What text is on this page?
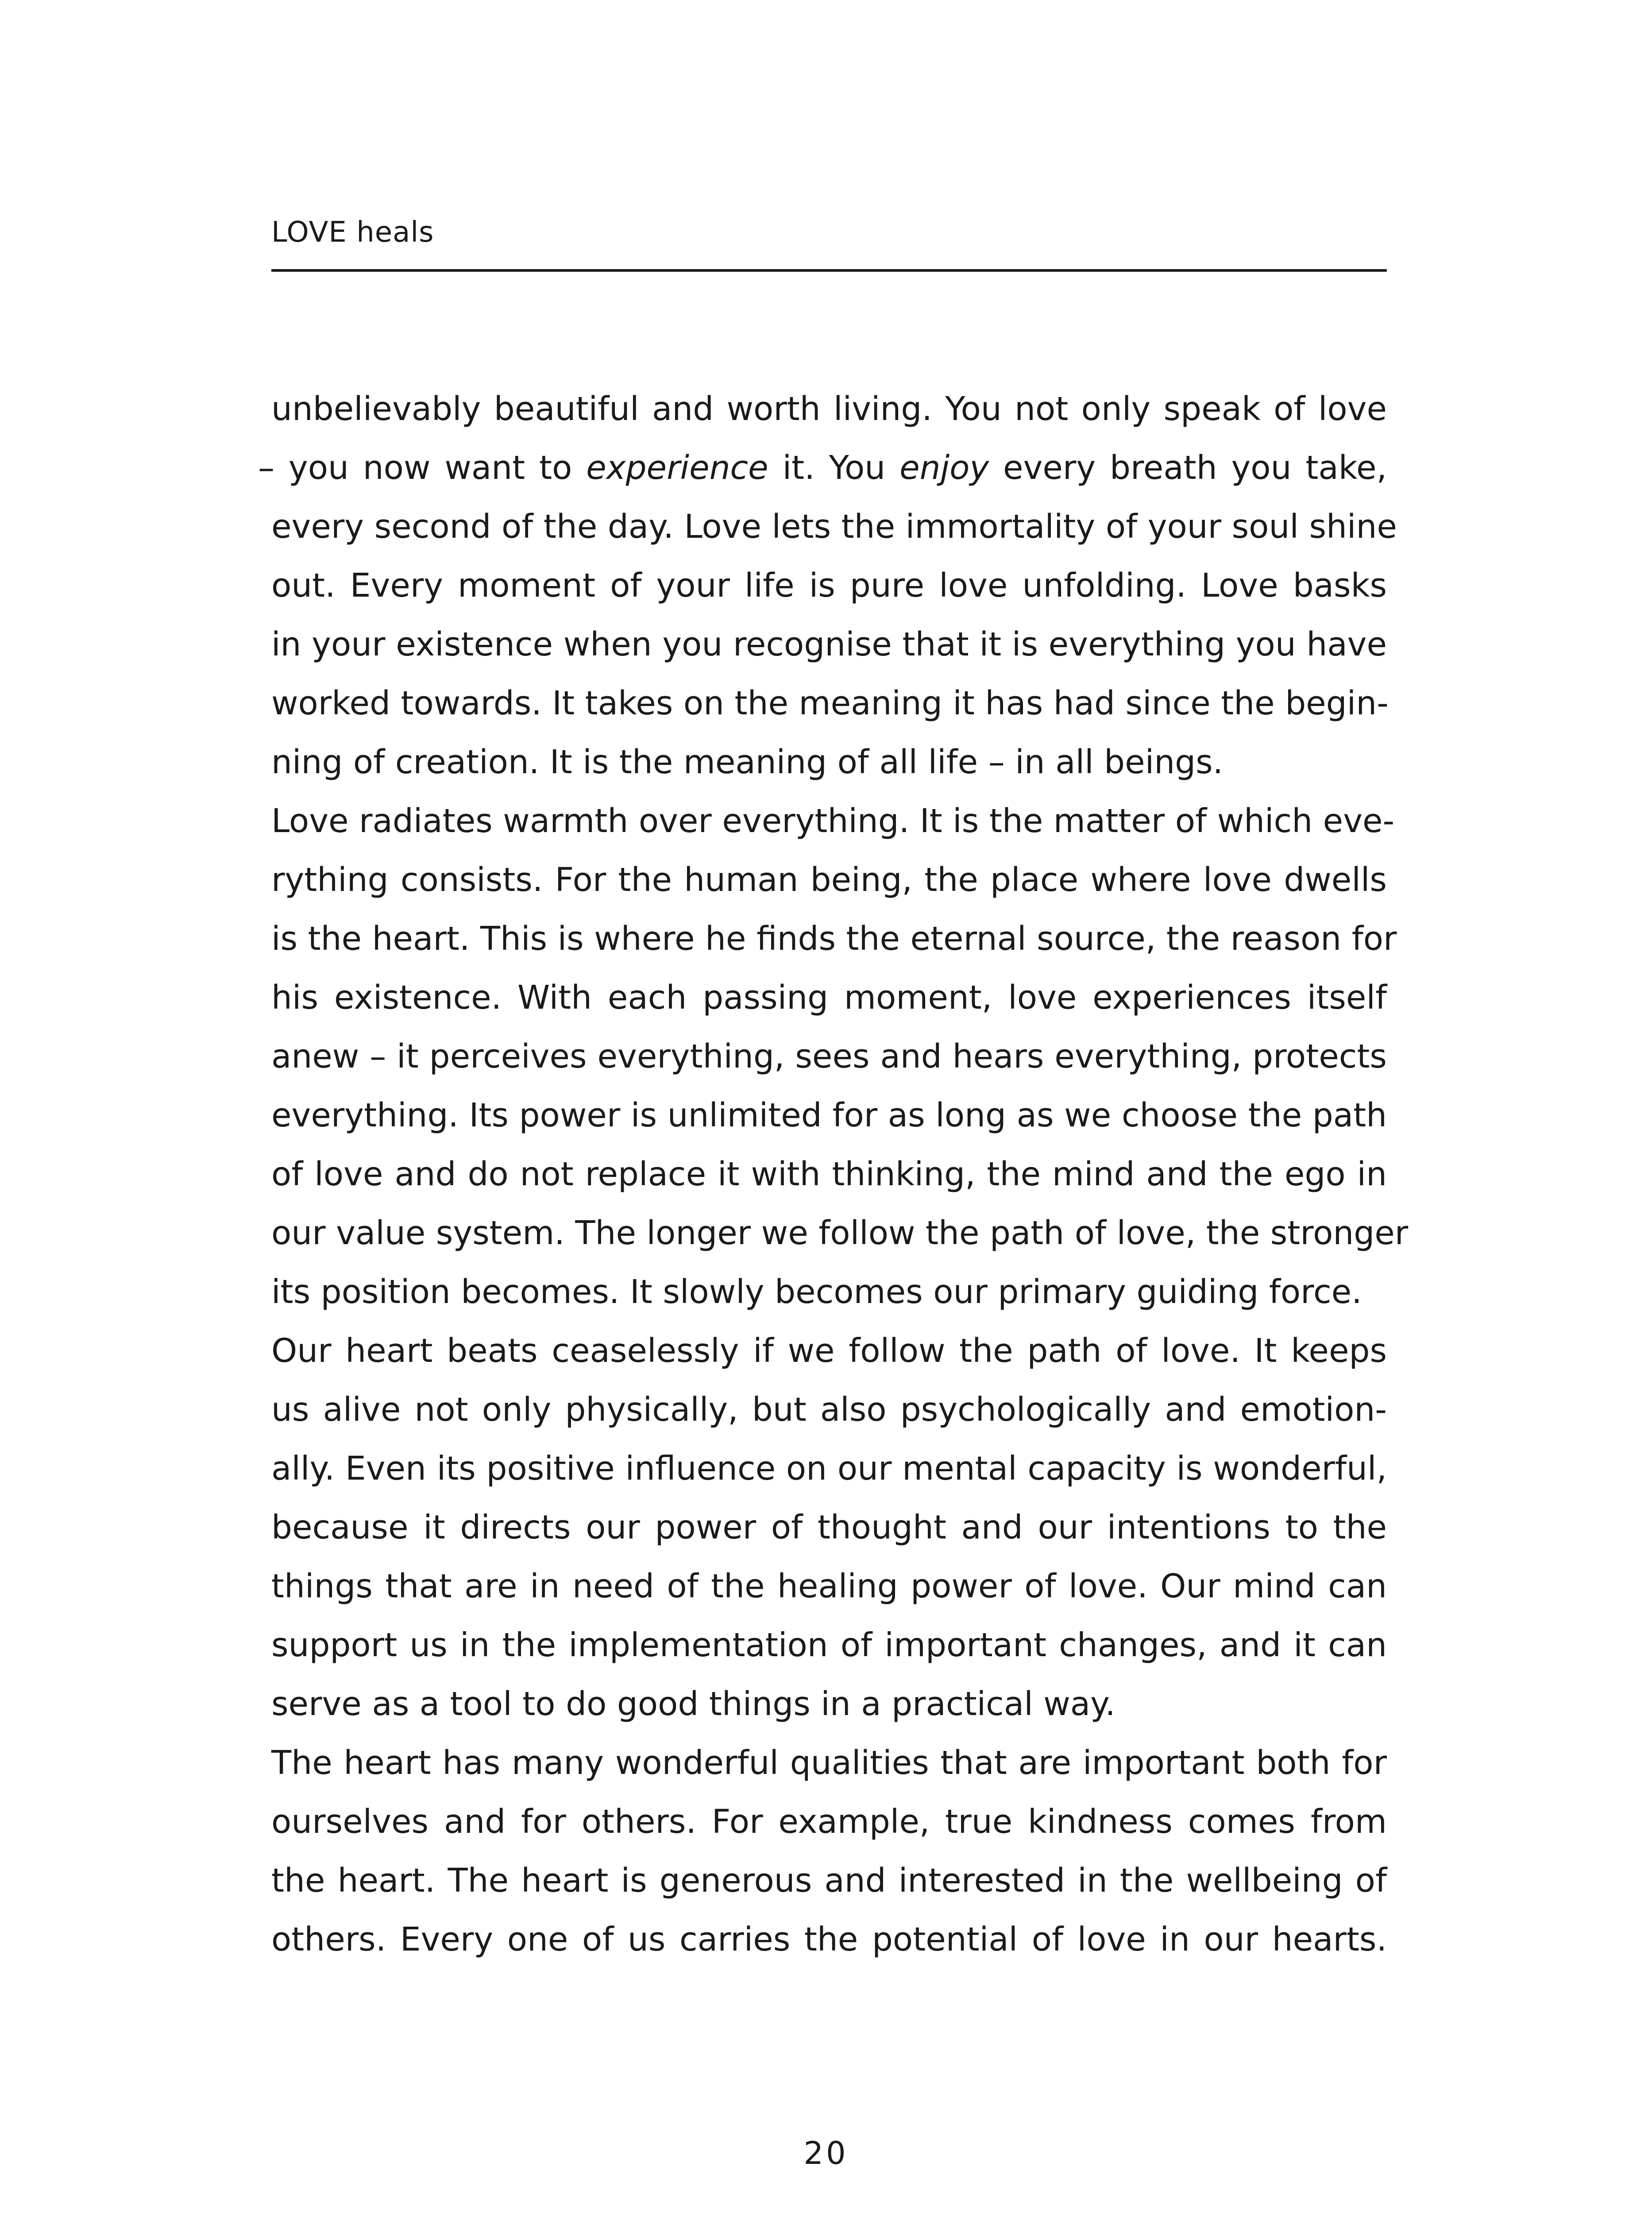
LOVE heals
unbelievably beautiful and worth living. You not only speak of love
– you now want to experience it. You enjoy every breath you take,
every second of the day. Love lets the immortality of your soul shine
out. Every moment of your life is pure love unfolding. Love basks
in your existence when you recognise that it is everything you have
worked towards. It takes on the meaning it has had since the begin-
ning of creation. It is the meaning of all life – in all beings.
Love radiates warmth over everything. It is the matter of which eve-
rything consists. For the human being, the place where love dwells
is the heart. This is where he finds the eternal source, the reason for
his existence. With each passing moment, love experiences itself
anew – it perceives everything, sees and hears everything, protects
everything. Its power is unlimited for as long as we choose the path
of love and do not replace it with thinking, the mind and the ego in
our value system. The longer we follow the path of love, the stronger
its position becomes. It slowly becomes our primary guiding force.
Our heart beats ceaselessly if we follow the path of love. It keeps
us alive not only physically, but also psychologically and emotion-
ally. Even its positive influence on our mental capacity is wonderful,
because it directs our power of thought and our intentions to the
things that are in need of the healing power of love. Our mind can
support us in the implementation of important changes, and it can
serve as a tool to do good things in a practical way.
The heart has many wonderful qualities that are important both for
ourselves and for others. For example, true kindness comes from
the heart. The heart is generous and interested in the wellbeing of
others. Every one of us carries the potential of love in our hearts.
20
